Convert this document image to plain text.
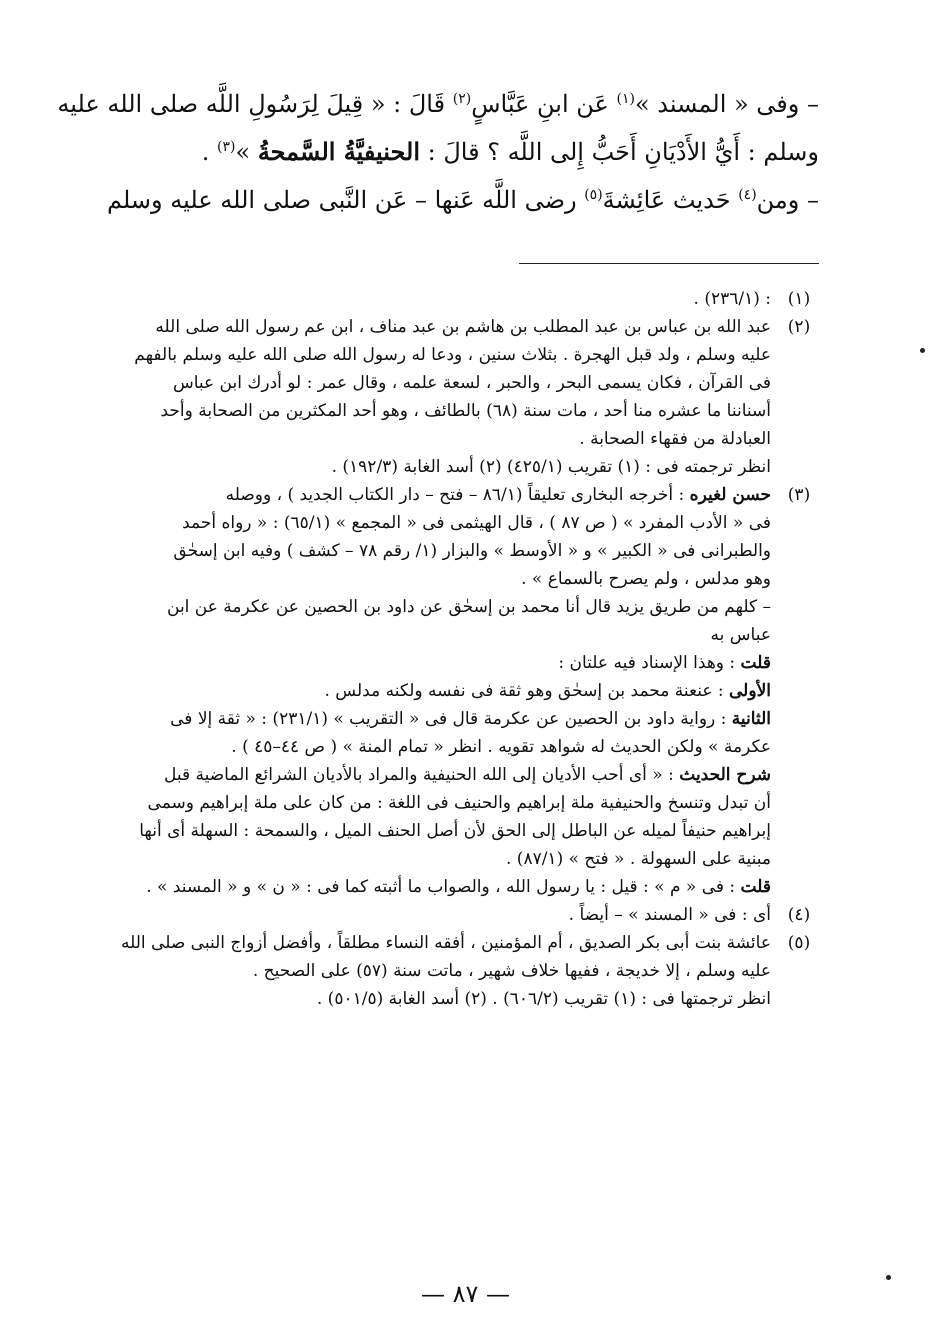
– وفى « المسند »$^{(١)}$ عَن ابنِ عَبَّاسٍ$^{(٢)}$ قَالَ : « قِيلَ لِرَسُولِ اللَّه صلى الله عليه

وسلم : أَيُّ الأَدْيَانِ أَحَبُّ إِلى اللَّه ؟ قالَ : الحنيفيَّةُ السَّمحةُ »$^{(٣)}$ .

– ومن$^{(٤)}$ حَديث عَائِشةَ$^{(٥)}$ رضى اللَّه عَنها – عَن النَّبى صلى الله عليه وسلم

(١)

: (٢٣٦/١) .

(٢)

عبد الله بن عباس بن عبد المطلب بن هاشم بن عبد مناف ، ابن عم رسول الله صلى الله

عليه وسلم ، ولد قبل الهجرة . بثلاث سنين ، ودعا له رسول الله صلى الله عليه وسلم بالفهم

فى القرآن ، فكان يسمى البحر ، والحبر ، لسعة علمه ، وقال عمر : لو أدرك ابن عباس

أسناننا ما عشره منا أحد ، مات سنة (٦٨) بالطائف ، وهو أحد المكثرين من الصحابة وأحد

العبادلة من فقهاء الصحابة .

انظر ترجمته فى : (١) تقريب (٤٢٥/١) (٢) أسد الغابة (١٩٢/٣) .

(٣)

حسن لغيره : أخرجه البخارى تعليقاً (٨٦/١ – فتح – دار الكتاب الجديد ) ، ووصله

فى « الأدب المفرد » ( ص ٨٧ ) ، قال الهيثمى فى « المجمع » (٦٥/١) : « رواه أحمد

والطبرانى فى « الكبير » و « الأوسط » والبزار (١/ رقم ٧٨ – كشف ) وفيه ابن إسحٰق

وهو مدلس ، ولم يصرح بالسماع » .

– كلهم من طريق يزيد قال أنا محمد بن إسحٰق عن داود بن الحصين عن عكرمة عن ابن

عباس به

قلت : وهذا الإسناد فيه علتان :

الأولى : عنعنة محمد بن إسحٰق وهو ثقة فى نفسه ولكنه مدلس .

الثانية : رواية داود بن الحصين عن عكرمة قال فى « التقريب » (٢٣١/١) : « ثقة إلا فى

عكرمة » ولكن الحديث له شواهد تقويه . انظر « تمام المنة » ( ص ٤٤–٤٥ ) .

شرح الحديث : « أى أحب الأديان إلى الله الحنيفية والمراد بالأديان الشرائع الماضية قبل

أن تبدل وتنسخ والحنيفية ملة إبراهيم والحنيف فى اللغة : من كان على ملة إبراهيم وسمى

إبراهيم حنيفاً لميله عن الباطل إلى الحق لأن أصل الحنف الميل ، والسمحة : السهلة أى أنها

مبنية على السهولة . « فتح » (٨٧/١) .

قلت : فى « م » : قيل : يا رسول الله ، والصواب ما أثبته كما فى : « ن » و « المسند » .

(٤)

أى : فى « المسند » – أيضاً .

(٥)

عائشة بنت أبى بكر الصديق ، أم المؤمنين ، أفقه النساء مطلقاً ، وأفضل أزواج النبى صلى الله

عليه وسلم ، إلا خديجة ، ففيها خلاف شهير ، ماتت سنة (٥٧) على الصحيح .

انظر ترجمتها فى : (١) تقريب (٦٠٦/٢) . (٢) أسد الغابة (٥٠١/٥) .

— ٨٧ —
